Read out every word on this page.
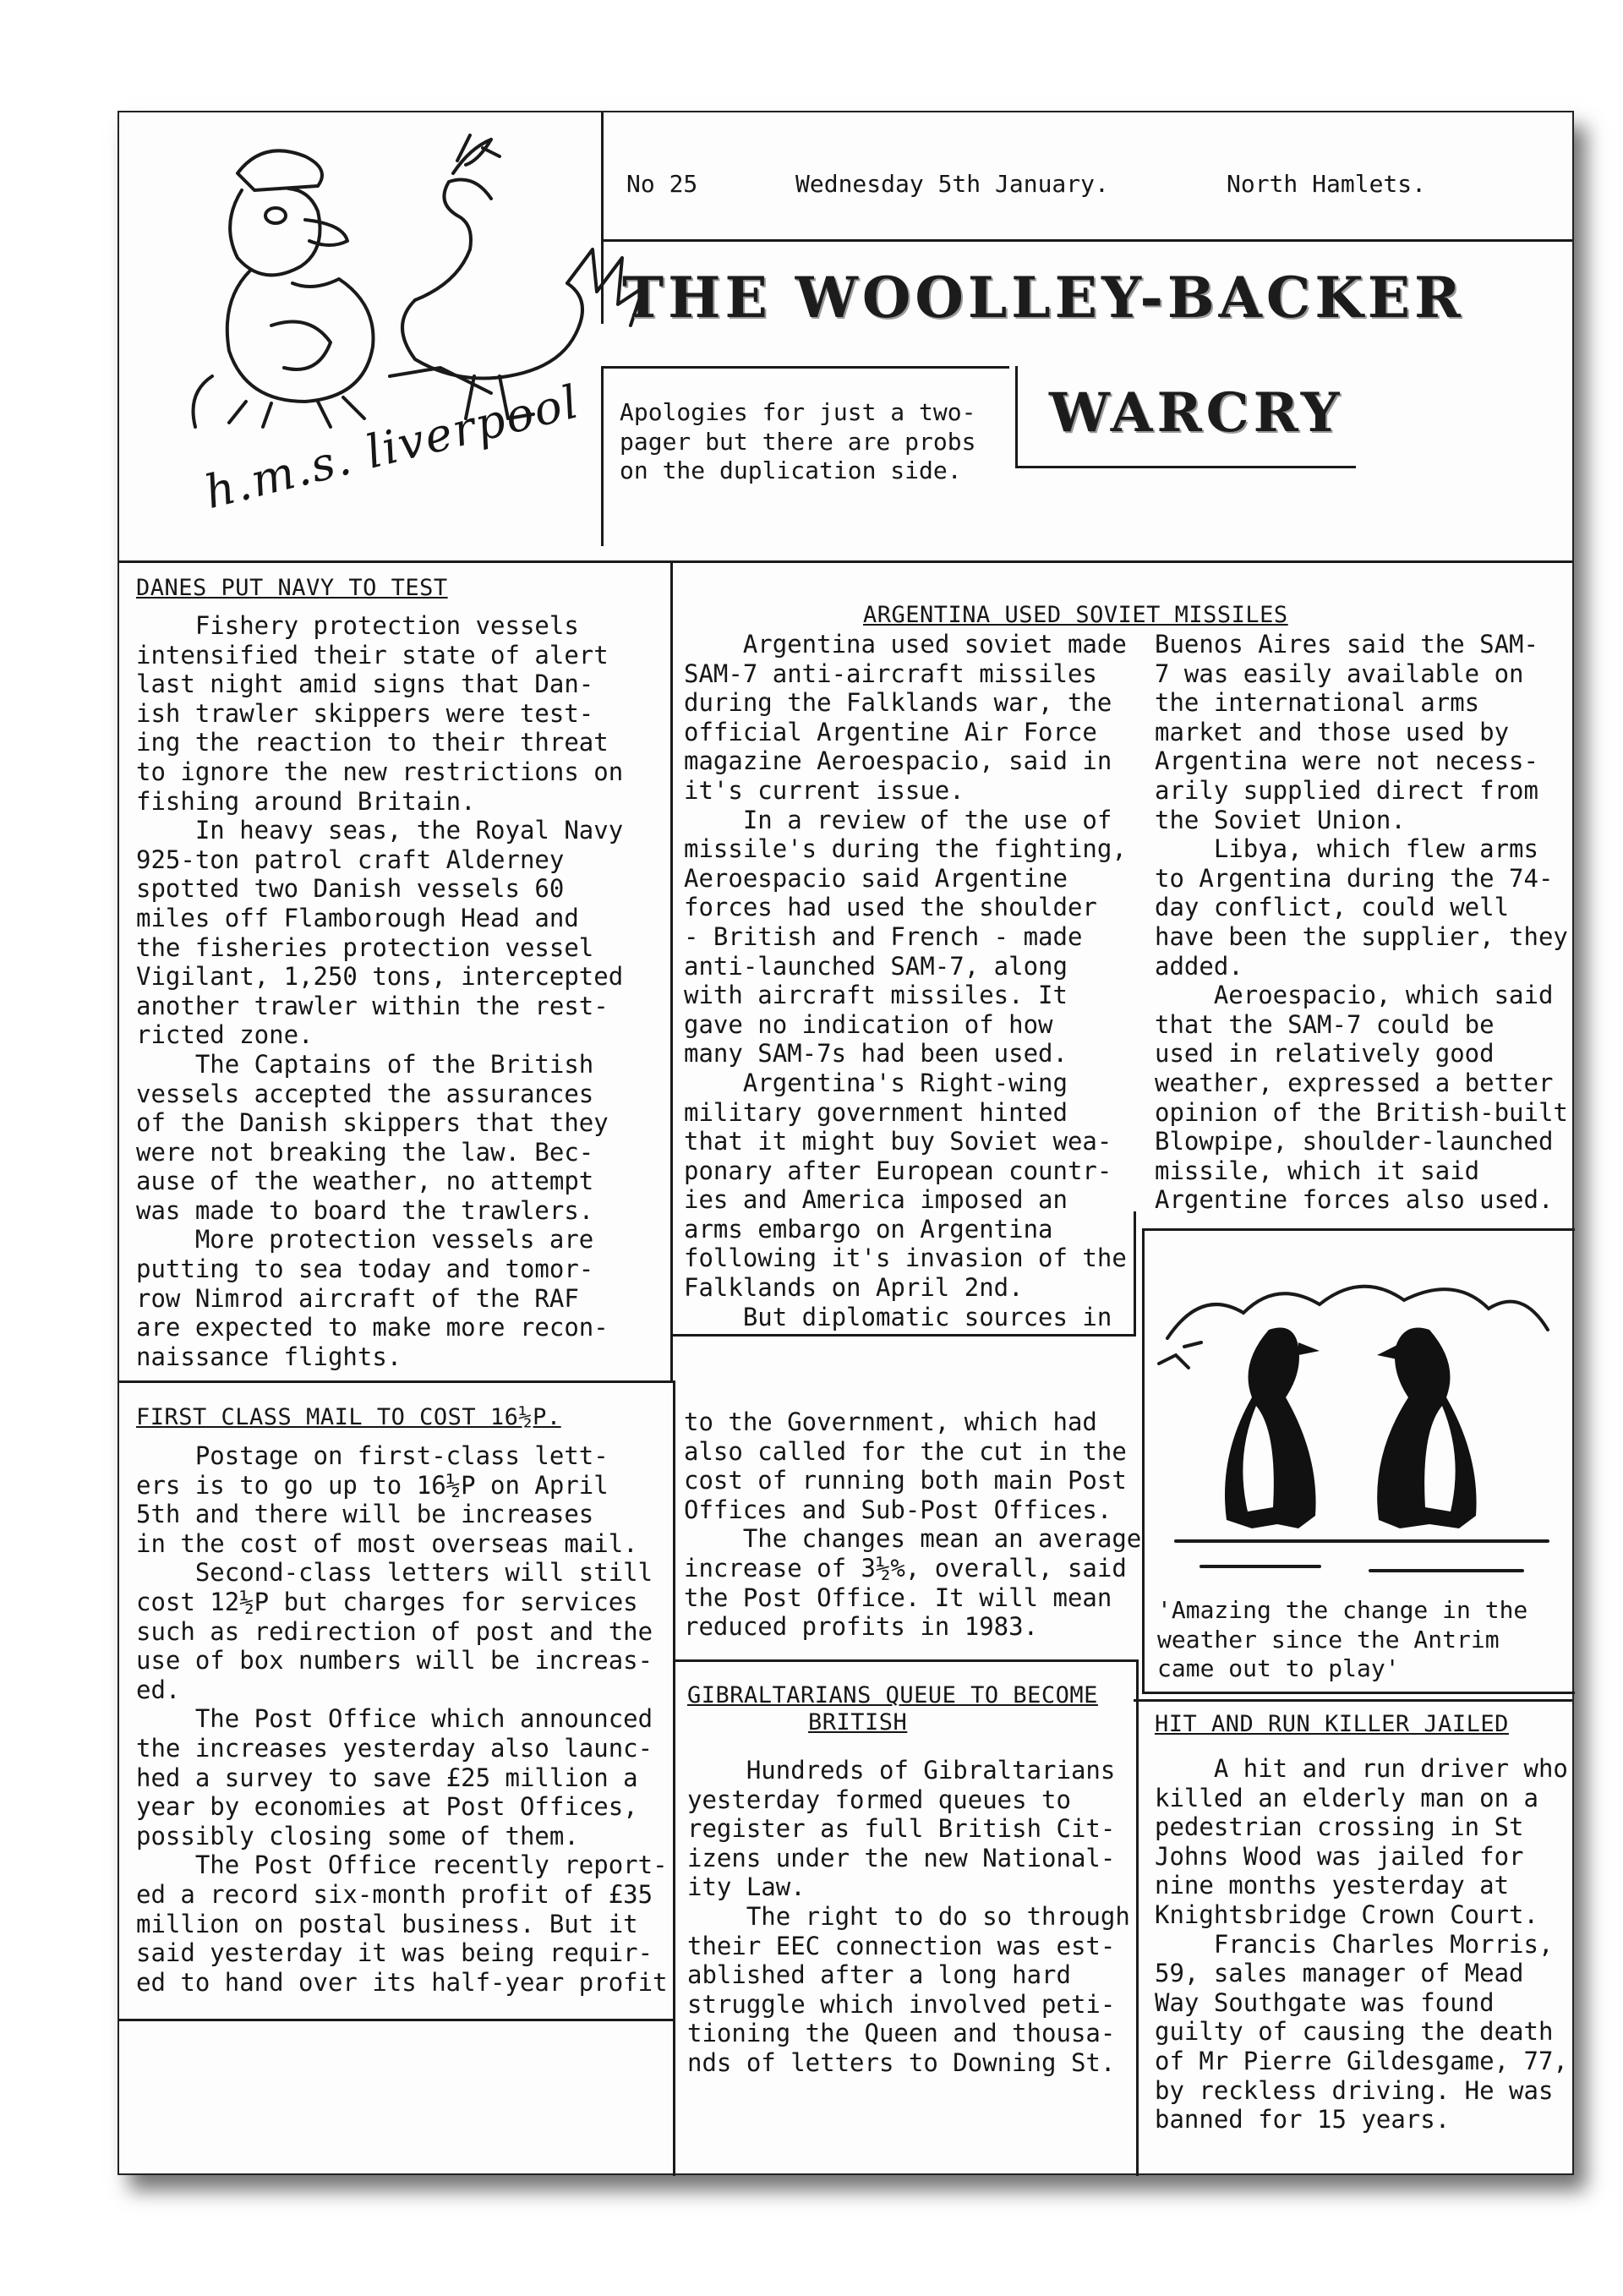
h.m.s. liverpool
No 25	Wednesday 5th January.	North Hamlets.
THE WOOLLEY-BACKER
WARCRY
Apologies for just a two-
pager but there are probs
on the duplication side.
DANES PUT NAVY TO TEST
Fishery protection vessels
intensified their state of alert
last night amid signs that Dan-
ish trawler skippers were test-
ing the reaction to their threat
to ignore the new restrictions on
fishing around Britain.
In heavy seas, the Royal Navy
925-ton patrol craft Alderney
spotted two Danish vessels 60
miles off Flamborough Head and
the fisheries protection vessel
Vigilant, 1,250 tons, intercepted
another trawler within the rest-
ricted zone.
The Captains of the British
vessels accepted the assurances
of the Danish skippers that they
were not breaking the law. Bec-
ause of the weather, no attempt
was made to board the trawlers.
More protection vessels are
putting to sea today and tomor-
row Nimrod aircraft of the RAF
are expected to make more recon-
naissance flights.
ARGENTINA USED SOVIET MISSILES
Argentina used soviet made
SAM-7 anti-aircraft missiles
during the Falklands war, the
official Argentine Air Force
magazine Aeroespacio, said in
it's current issue.
In a review of the use of
missile's during the fighting,
Aeroespacio said Argentine
forces had used the shoulder
- British and French - made
anti-launched SAM-7, along
with aircraft missiles. It
gave no indication of how
many SAM-7s had been used.
Argentina's Right-wing
military government hinted
that it might buy Soviet wea-
ponary after European countr-
ies and America imposed an
arms embargo on Argentina
following it's invasion of the
Falklands on April 2nd.
But diplomatic sources in
Buenos Aires said the SAM-
7 was easily available on
the international arms
market and those used by
Argentina were not necess-
arily supplied direct from
the Soviet Union.
Libya, which flew arms
to Argentina during the 74-
day conflict, could well
have been the supplier, they
added.
Aeroespacio, which said
that the SAM-7 could be
used in relatively good
weather, expressed a better
opinion of the British-built
Blowpipe, shoulder-launched
missile, which it said
Argentine forces also used.
'Amazing the change in the
weather since the Antrim
came out to play'
FIRST CLASS MAIL TO COST 16½P.
Postage on first-class lett-
ers is to go up to 16½P on April
5th and there will be increases
in the cost of most overseas mail.
Second-class letters will still
cost 12½P but charges for services
such as redirection of post and the
use of box numbers will be increas-
ed.
The Post Office which announced
the increases yesterday also launc-
hed a survey to save £25 million a
year by economies at Post Offices,
possibly closing some of them.
The Post Office recently report-
ed a record six-month profit of £35
million on postal business. But it
said yesterday it was being requir-
ed to hand over its half-year profit
to the Government, which had
also called for the cut in the
cost of running both main Post
Offices and Sub-Post Offices.
The changes mean an average
increase of 3½%, overall, said
the Post Office. It will mean
reduced profits in 1983.
GIBRALTARIANS QUEUE TO BECOME
BRITISH
Hundreds of Gibraltarians
yesterday formed queues to
register as full British Cit-
izens under the new National-
ity Law.
The right to do so through
their EEC connection was est-
ablished after a long hard
struggle which involved peti-
tioning the Queen and thousa-
nds of letters to Downing St.
HIT AND RUN KILLER JAILED
A hit and run driver who
killed an elderly man on a
pedestrian crossing in St
Johns Wood was jailed for
nine months yesterday at
Knightsbridge Crown Court.
Francis Charles Morris,
59, sales manager of Mead
Way Southgate was found
guilty of causing the death
of Mr Pierre Gildesgame, 77,
by reckless driving. He was
banned for 15 years.
